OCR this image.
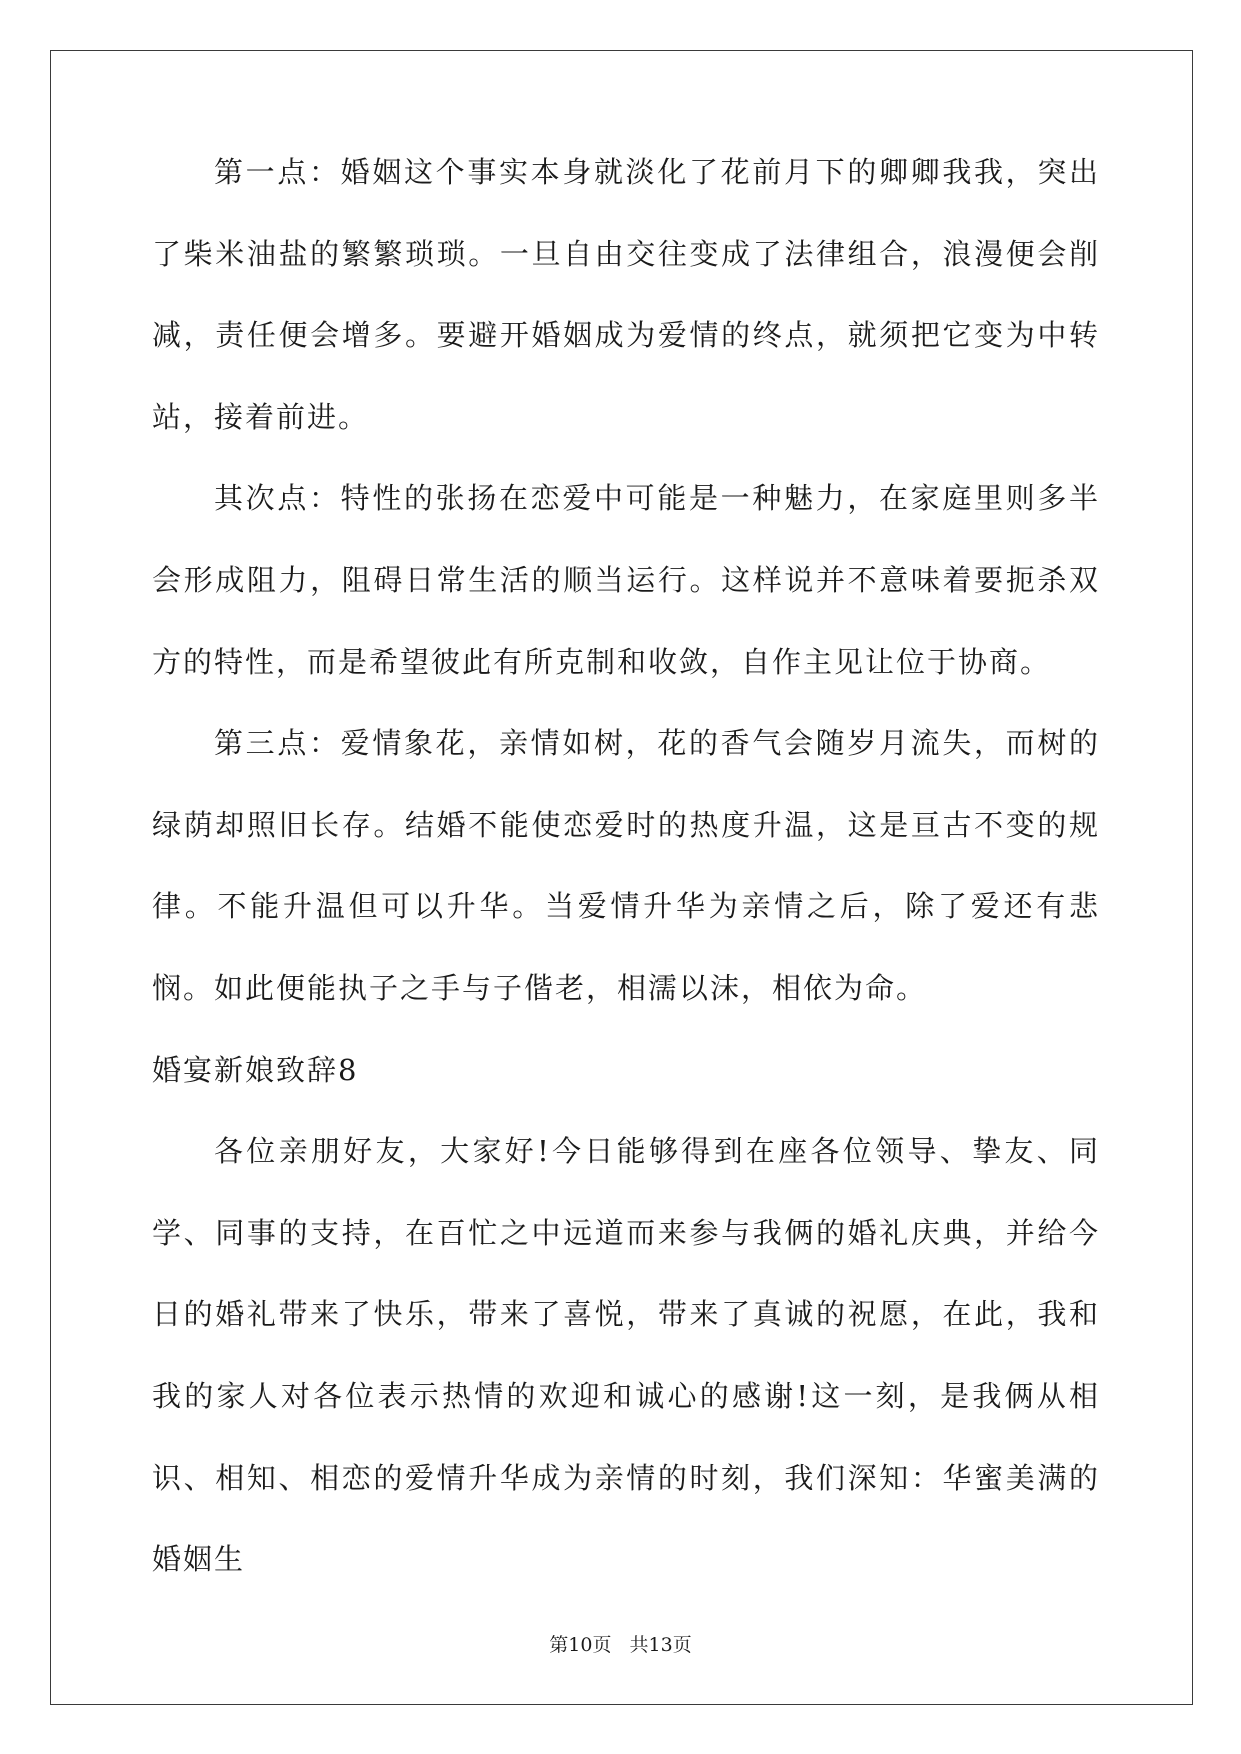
第一点：婚姻这个事实本身就淡化了花前月下的卿卿我我，突出了柴米油盐的繁繁琐琐。一旦自由交往变成了法律组合，浪漫便会削减，责任便会增多。要避开婚姻成为爱情的终点，就须把它变为中转站，接着前进。

其次点：特性的张扬在恋爱中可能是一种魅力，在家庭里则多半会形成阻力，阻碍日常生活的顺当运行。这样说并不意味着要扼杀双方的特性，而是希望彼此有所克制和收敛，自作主见让位于协商。

第三点：爱情象花，亲情如树，花的香气会随岁月流失，而树的绿荫却照旧长存。结婚不能使恋爱时的热度升温，这是亘古不变的规律。不能升温但可以升华。当爱情升华为亲情之后，除了爱还有悲悯。如此便能执子之手与子偕老，相濡以沫，相依为命。

婚宴新娘致辞8

各位亲朋好友，大家好!今日能够得到在座各位领导、挚友、同学、同事的支持，在百忙之中远道而来参与我俩的婚礼庆典，并给今日的婚礼带来了快乐，带来了喜悦，带来了真诚的祝愿，在此，我和我的家人对各位表示热情的欢迎和诚心的感谢!这一刻，是我俩从相识、相知、相恋的爱情升华成为亲情的时刻，我们深知：华蜜美满的婚姻生

第10页 共13页
